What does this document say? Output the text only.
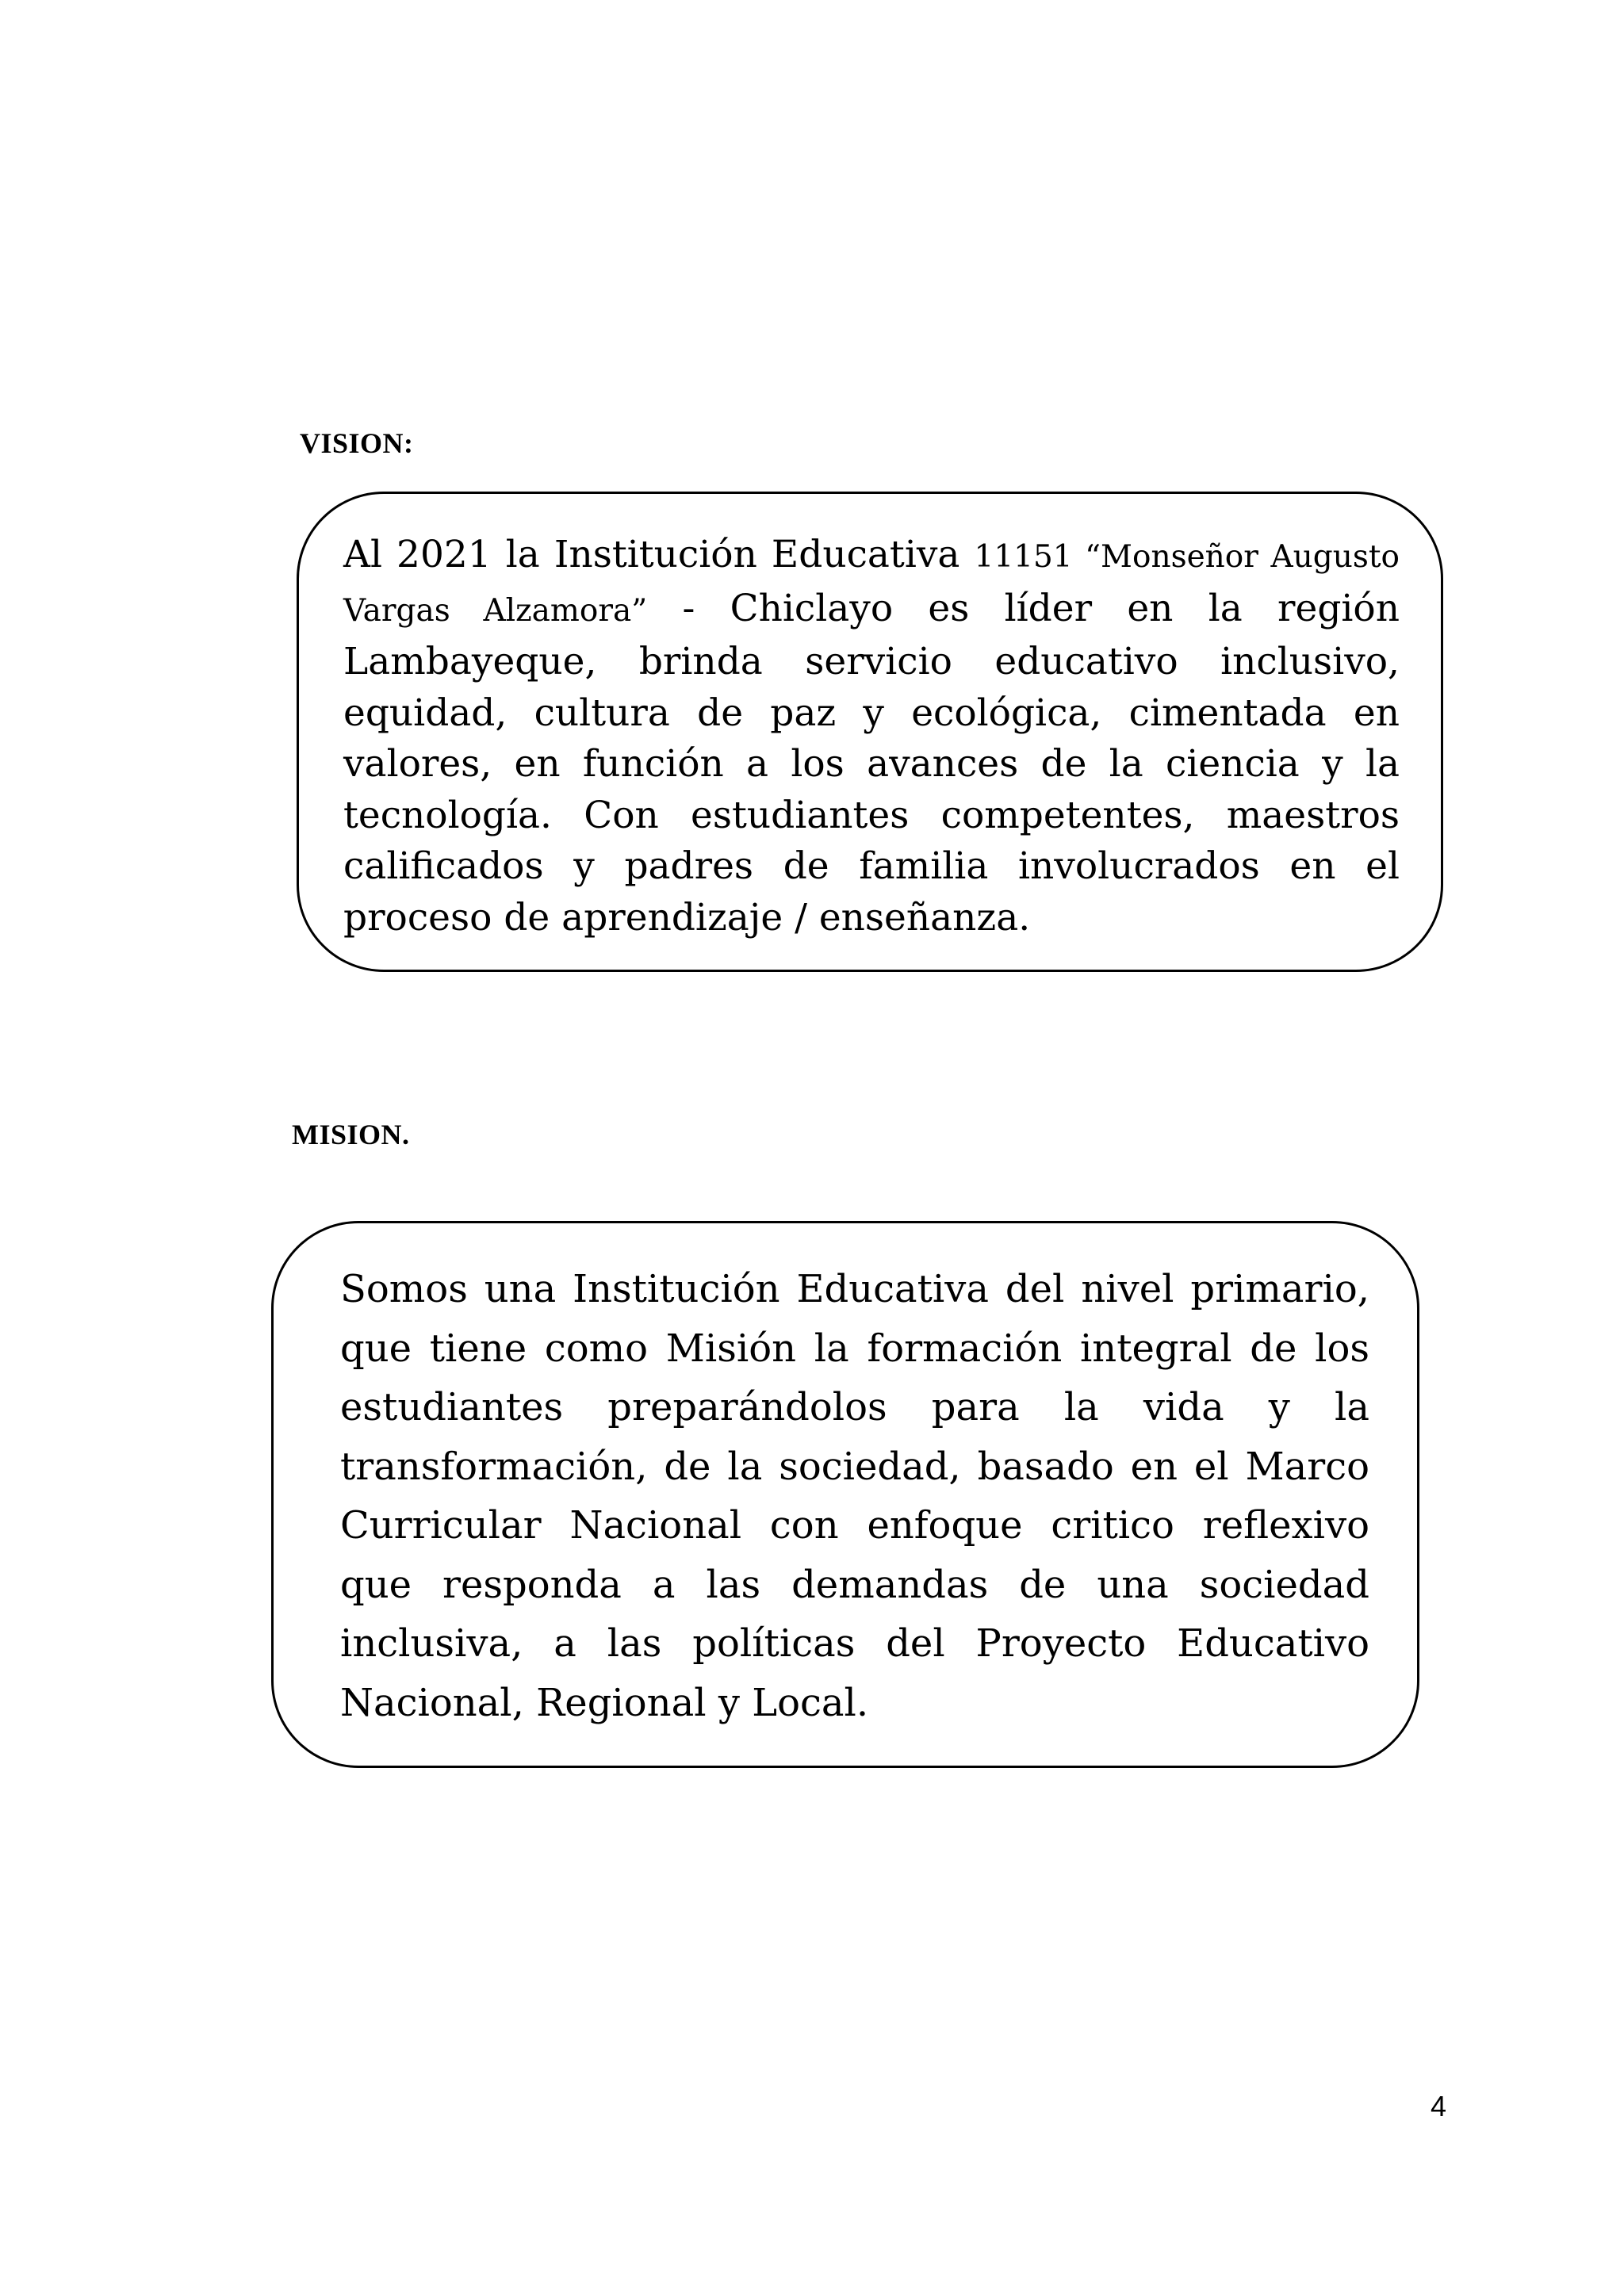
VISION:

Al 2021 la Institución Educativa 11151 “Monseñor Augusto Vargas Alzamora” - Chiclayo es líder en la región Lambayeque, brinda servicio educativo inclusivo, equidad, cultura de paz y ecológica, cimentada en valores, en función a los avances de la ciencia y la tecnología. Con estudiantes competentes, maestros calificados y padres de familia involucrados en el proceso de aprendizaje / enseñanza.

MISION.

Somos una Institución Educativa del nivel primario, que tiene como Misión la formación integral de los estudiantes preparándolos para la vida y la transformación, de la sociedad, basado en el Marco Curricular Nacional con enfoque critico reflexivo que responda a las demandas de una sociedad inclusiva, a las políticas del Proyecto Educativo Nacional, Regional y Local.

4
